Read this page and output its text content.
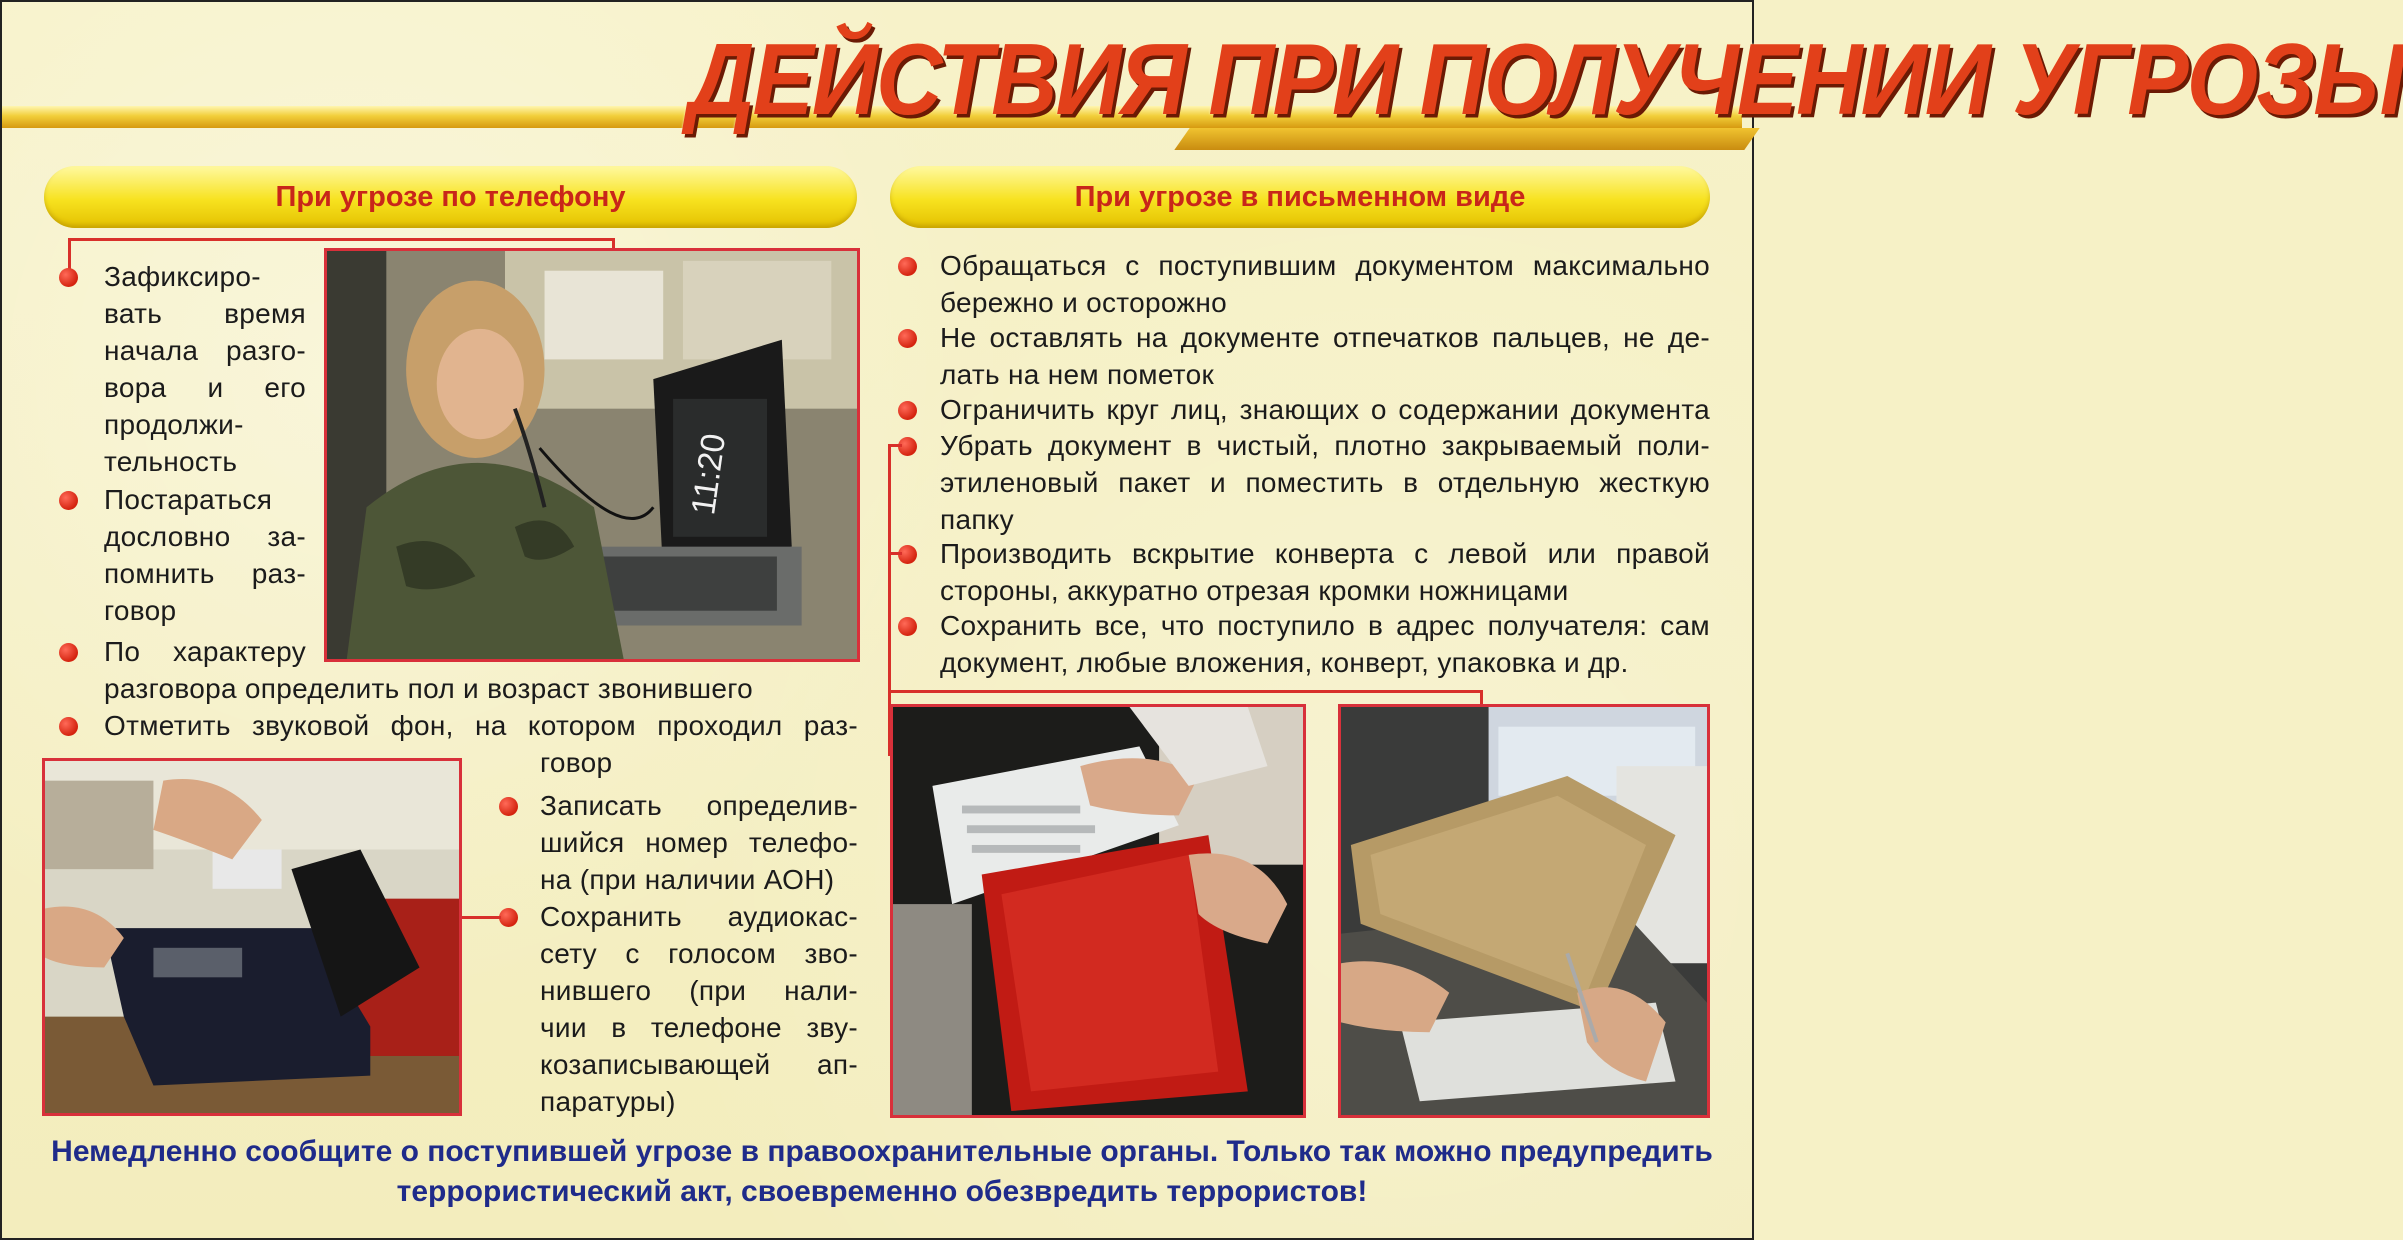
ДЕЙСТВИЯ ПРИ ПОЛУЧЕНИИ УГРОЗЫ
При угрозе по телефону	При угрозе в письменном виде
Зафиксиро-
вать время
начала разго-
вора и его
продолжи-
тельность
Постараться
дословно за-
помнить раз-
говор
По характеру
разговора определить пол и возраст звонившего
Отметить звуковой фон, на котором проходил раз-
говор
Записать определив-
шийся номер телефо-
на (при наличии АОН)
Сохранить аудиокас-
сету с голосом зво-
нившего (при нали-
чии в телефоне зву-
козаписывающей ап-
паратуры)
11:20
Обращаться с поступившим документом максимально
бережно и осторожно
Не оставлять на документе отпечатков пальцев, не де-
лать на нем пометок
Ограничить круг лиц, знающих о содержании документа
Убрать документ в чистый, плотно закрываемый поли-
этиленовый пакет и поместить в отдельную жесткую
папку
Производить вскрытие конверта с левой или правой
стороны, аккуратно отрезая кромки ножницами
Сохранить все, что поступило в адрес получателя: сам
документ, любые вложения, конверт, упаковка и др.
Немедленно сообщите о поступившей угрозе в правоохранительные органы. Только так можно предупредить террористический акт, своевременно обезвредить террористов!
